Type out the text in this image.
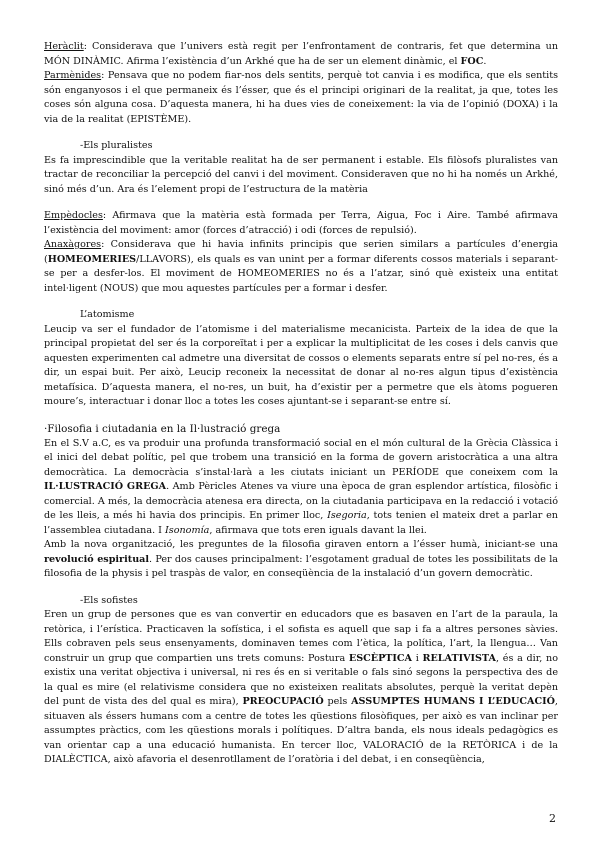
Heràclit: Considerava que l’univers està regit per l’enfrontament de contraris, fet que determina un MÓN DINÀMIC. Afirma l’existència d’un Arkhé que ha de ser un element dinàmic, el FOC.

Parmènides: Pensava que no podem fiar-nos dels sentits, perquè tot canvia i es modifica, que els sentits són enganyosos i el que permaneix és l’ésser, que és el principi originari de la realitat, ja que, totes les coses són alguna cosa. D’aquesta manera, hi ha dues vies de coneixement: la via de l’opinió (DOXA) i la via de la realitat (EPISTÈME).

-Els pluralistes

Es fa imprescindible que la veritable realitat ha de ser permanent i estable. Els filòsofs pluralistes van tractar de reconciliar la percepció del canvi i del moviment. Consideraven que no hi ha només un Arkhé, sinó més d’un. Ara és l’element propi de l’estructura de la matèria

Empèdocles: Afirmava que la matèria està formada per Terra, Aigua, Foc i Aire. També afirmava l’existència del moviment: amor (forces d’atracció) i odi (forces de repulsió).

Anaxàgores: Considerava que hi havia infinits principis que serien similars a partícules d’energia (HOMEOMERIES/LLAVORS), els quals es van unint per a formar diferents cossos materials i separant-se per a desfer-los. El moviment de HOMEOMERIES no és a l’atzar, sinó què existeix una entitat intel·ligent (NOUS) que mou aquestes partícules per a formar i desfer.

L’atomisme

Leucip va ser el fundador de l’atomisme i del materialisme mecanicista. Parteix de la idea de que la principal propietat del ser és la corporeïtat i per a explicar la multiplicitat de les coses i dels canvis que aquesten experimenten cal admetre una diversitat de cossos o elements separats entre sí pel no-res, és a dir, un espai buit. Per això, Leucip reconeix la necessitat de donar al no-res algun tipus d’existència metafísica. D’aquesta manera, el no-res, un buit, ha d’existir per a permetre que els àtoms pogueren moure’s, interactuar i donar lloc a totes les coses ajuntant-se i separant-se entre sí.

·Filosofia i ciutadania en la Il·lustració grega

En el S.V a.C, es va produir una profunda transformació social en el món cultural de la Grècia Clàssica i el inici del debat polític, pel que trobem una transició en la forma de govern aristocràtica a una altra democràtica. La democràcia s’instal·larà a les ciutats iniciant un PERÍODE que coneixem com la IL·LUSTRACIÓ GREGA. Amb Pèricles Atenes va viure una època de gran esplendor artística, filosòfic i comercial. A més, la democràcia atenesa era directa, on la ciutadania participava en la redacció i votació de les lleis, a més hi havia dos principis. En primer lloc, Isegoria, tots tenien el mateix dret a parlar en l’assemblea ciutadana. I Isonomía, afirmava que tots eren iguals davant la llei.

Amb la nova organització, les preguntes de la filosofia giraven entorn a l’ésser humà, iniciant-se una revolució espiritual. Per dos causes principalment: l’esgotament gradual de totes les possibilitats de la filosofia de la physis i pel traspàs de valor, en conseqüència de la instalació d’un govern democràtic.

-Els sofistes

Eren un grup de persones que es van convertir en educadors que es basaven en l’art de la paraula, la retòrica, i l’erística. Practicaven la sofística, i el sofista es aquell que sap i fa a altres persones sàvies. Ells cobraven pels seus ensenyaments, dominaven temes com l’ètica, la política, l’art, la llengua… Van construir un grup que compartien uns trets comuns: Postura ESCÈPTICA i RELATIVISTA, és a dir, no existix una veritat objectiva i universal, ni res és en si veritable o fals sinó segons la perspectiva des de la qual es mire (el relativisme considera que no existeixen realitats absolutes, perquè la veritat depèn del punt de vista des del qual es mira), PREOCUPACIÓ pels ASSUMPTES HUMANS I L’EDUCACIÓ, situaven als éssers humans com a centre de totes les qüestions filosòfiques, per això es van inclinar per assumptes pràctics, com les qüestions morals i polítiques. D’altra banda, els nous ideals pedagògics es van orientar cap a una educació humanista. En tercer lloc, VALORACIÓ de la RETÒRICA i de la DIALÈCTICA, això afavoria el desenrotllament de l’oratòria i del debat, i en conseqüència,

2
